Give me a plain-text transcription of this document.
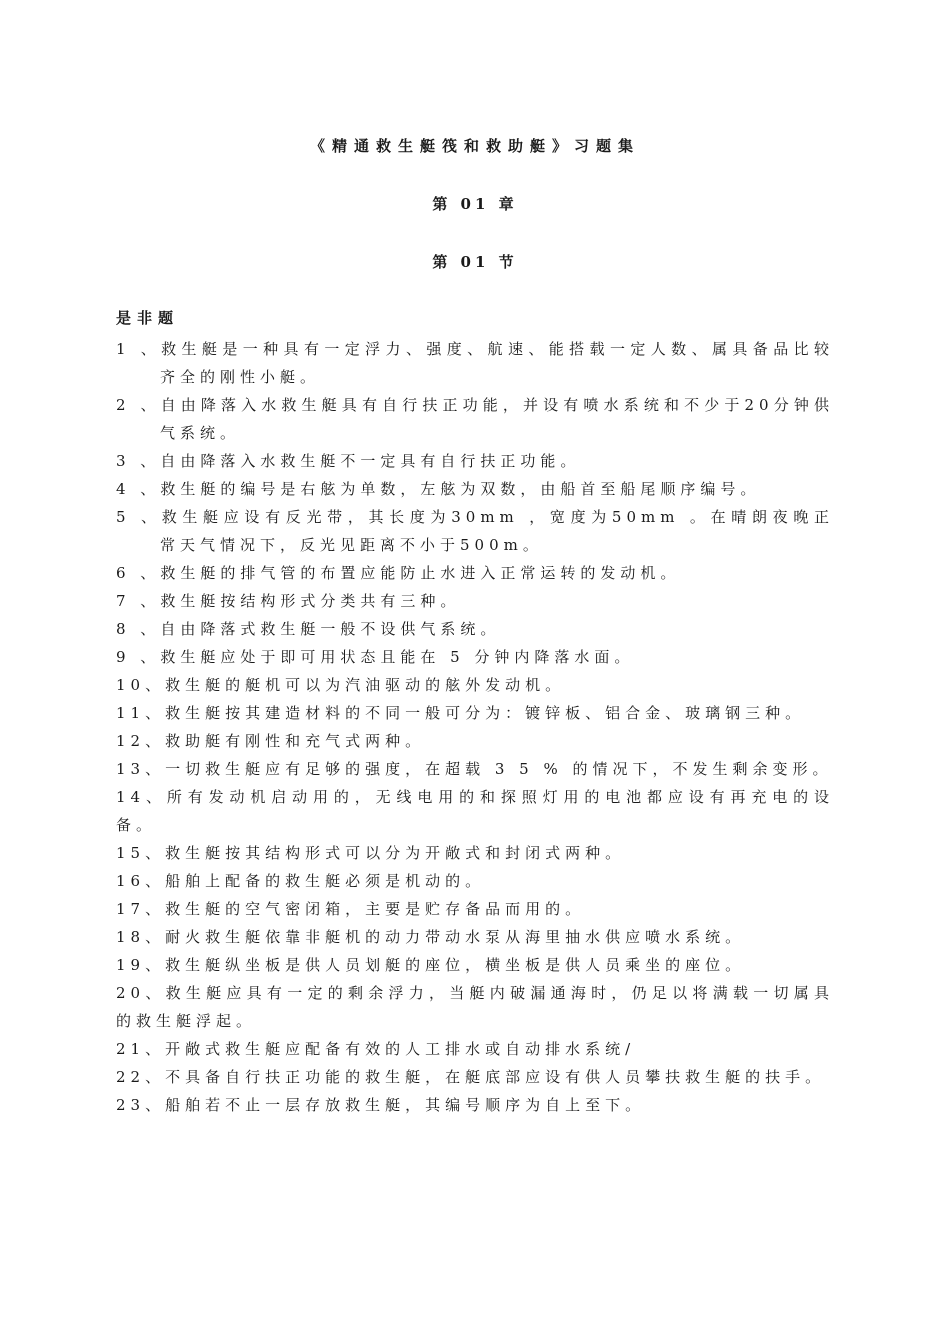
《精通救生艇筏和救助艇》习题集
第 01 章
第 01 节
是非题
1 、救生艇是一种具有一定浮力、强度、航速、能搭载一定人数、属具备品比较齐全的刚性小艇。
2 、自由降落入水救生艇具有自行扶正功能，并设有喷水系统和不少于20分钟供气系统。
3 、自由降落入水救生艇不一定具有自行扶正功能。
4 、救生艇的编号是右舷为单数，左舷为双数，由船首至船尾顺序编号。
5 、救生艇应设有反光带，其长度为30mm ，宽度为50mm 。在晴朗夜晚正常天气情况下，反光见距离不小于500m。
6 、救生艇的排气管的布置应能防止水进入正常运转的发动机。
7 、救生艇按结构形式分类共有三种。
8 、自由降落式救生艇一般不设供气系统。
9 、救生艇应处于即可用状态且能在 5 分钟内降落水面。
10、救生艇的艇机可以为汽油驱动的舷外发动机。
11、救生艇按其建造材料的不同一般可分为：镀锌板、铝合金、玻璃钢三种。
12、救助艇有刚性和充气式两种。
13、一切救生艇应有足够的强度，在超载 3 5 % 的情况下，不发生剩余变形。
14、所有发动机启动用的，无线电用的和探照灯用的电池都应设有再充电的设备。
15、救生艇按其结构形式可以分为开敞式和封闭式两种。
16、船舶上配备的救生艇必须是机动的。
17、救生艇的空气密闭箱，主要是贮存备品而用的。
18、耐火救生艇依靠非艇机的动力带动水泵从海里抽水供应喷水系统。
19、救生艇纵坐板是供人员划艇的座位，横坐板是供人员乘坐的座位。
20、救生艇应具有一定的剩余浮力，当艇内破漏通海时，仍足以将满载一切属具的救生艇浮起。
21、开敞式救生艇应配备有效的人工排水或自动排水系统/
22、不具备自行扶正功能的救生艇，在艇底部应设有供人员攀扶救生艇的扶手。
23、船舶若不止一层存放救生艇，其编号顺序为自上至下。
